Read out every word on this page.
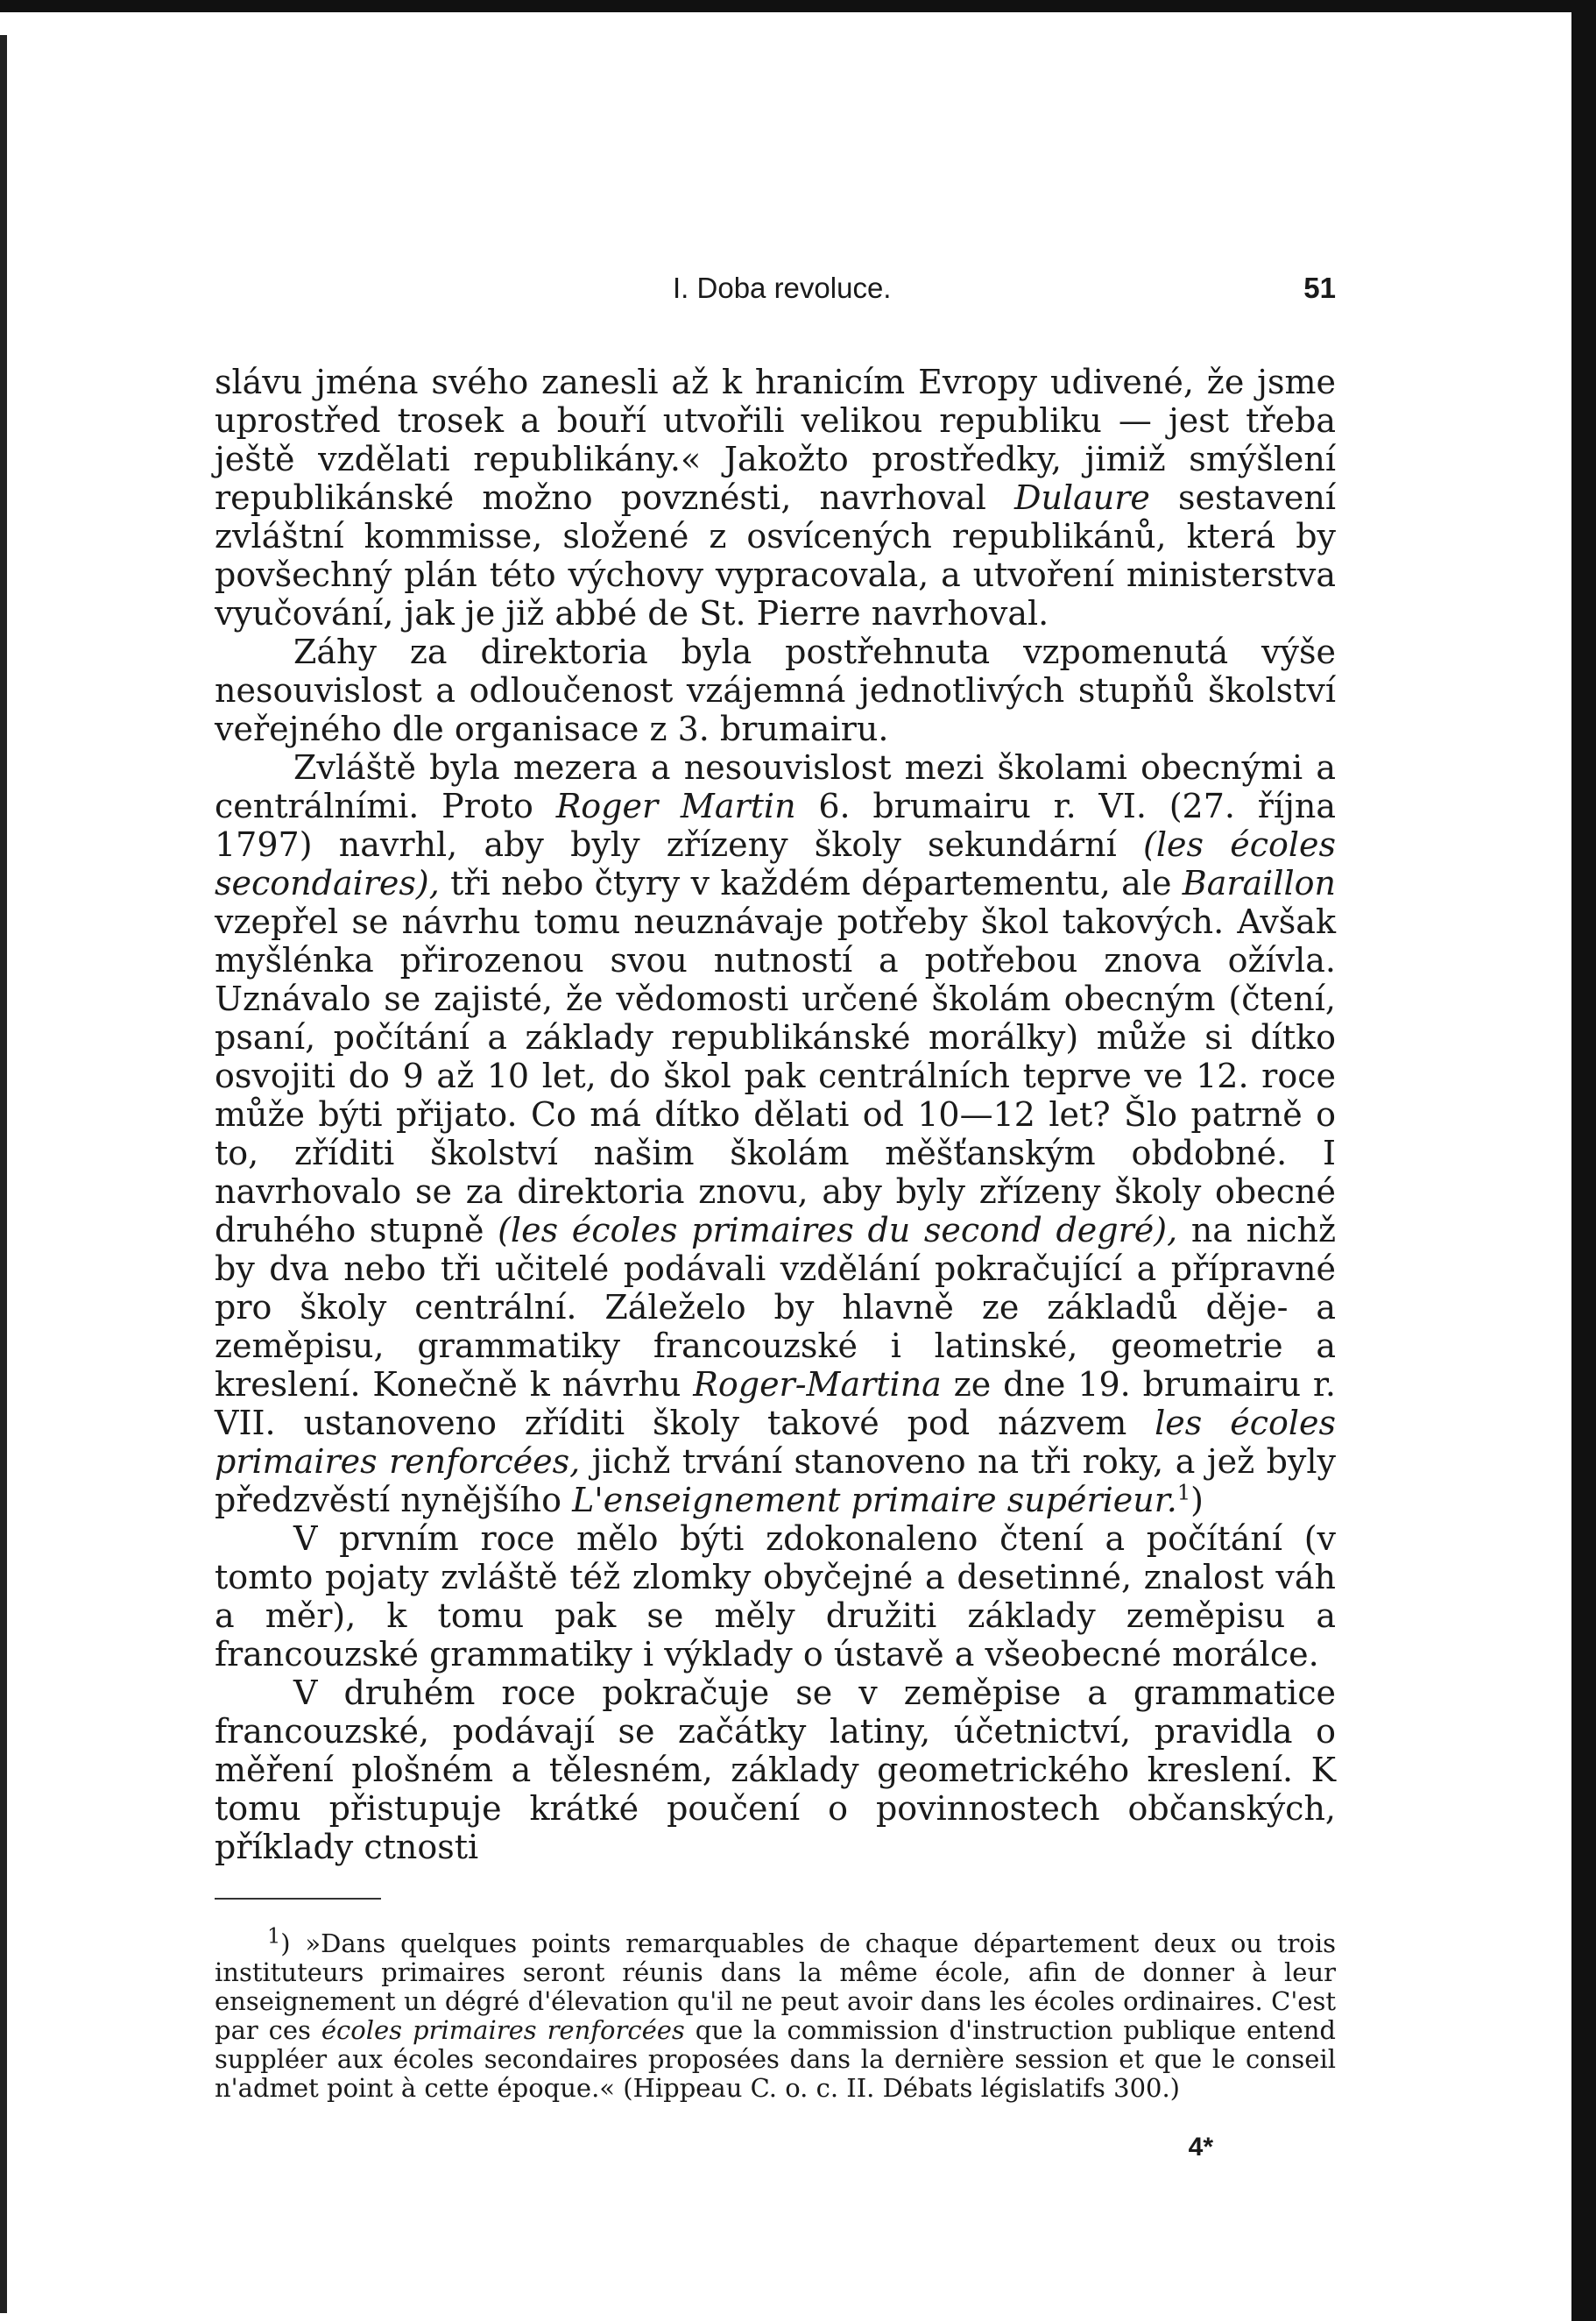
I. Doba revoluce.	51

slávu jména svého zanesli až k hranicím Evropy udivené, že jsme uprostřed trosek a bouří utvořili velikou republiku — jest třeba ještě vzdělati republikány.« Jakožto prostředky, jimiž smýšlení republikánské možno povznésti, navrhoval Dulaure sestavení zvláštní kommisse, složené z osvícených republikánů, která by povšechný plán této výchovy vypracovala, a utvoření ministerstva vyučování, jak je již abbé de St. Pierre navrhoval.

Záhy za direktoria byla postřehnuta vzpomenutá výše nesouvislost a odloučenost vzájemná jednotlivých stupňů školství veřejného dle organisace z 3. brumairu.

Zvláště byla mezera a nesouvislost mezi školami obecnými a centrálními. Proto Roger Martin 6. brumairu r. VI. (27. října 1797) navrhl, aby byly zřízeny školy sekundární (les écoles secondaires), tři nebo čtyry v každém départementu, ale Baraillon vzepřel se návrhu tomu neuznávaje potřeby škol takových. Avšak myšlénka přirozenou svou nutností a potřebou znova ožívla. Uznávalo se zajisté, že vědomosti určené školám obecným (čtení, psaní, počítání a základy republikánské morálky) může si dítko osvojiti do 9 až 10 let, do škol pak centrálních teprve ve 12. roce může býti přijato. Co má dítko dělati od 10—12 let? Šlo patrně o to, zříditi školství našim školám měšťanským obdobné. I navrhovalo se za direktoria znovu, aby byly zřízeny školy obecné druhého stupně (les écoles primaires du second degré), na nichž by dva nebo tři učitelé podávali vzdělání pokračující a přípravné pro školy centrální. Záleželo by hlavně ze základů děje- a zeměpisu, grammatiky francouzské i latinské, geometrie a kreslení. Konečně k návrhu Roger-Martina ze dne 19. brumairu r. VII. ustanoveno zříditi školy takové pod názvem les écoles primaires renforcées, jichž trvání stanoveno na tři roky, a jež byly předzvěstí nynějšího L'enseignement primaire supérieur.$^1$)

V prvním roce mělo býti zdokonaleno čtení a počítání (v tomto pojaty zvláště též zlomky obyčejné a desetinné, znalost váh a měr), k tomu pak se měly družiti základy zeměpisu a francouzské grammatiky i výklady o ústavě a všeobecné morálce.

V druhém roce pokračuje se v zeměpise a grammatice francouzské, podávají se začátky latiny, účetnictví, pravidla o měření plošném a tělesném, základy geometrického kreslení. K tomu přistupuje krátké poučení o povinnostech občanských, příklady ctnosti

$^1$) »Dans quelques points remarquables de chaque département deux ou trois instituteurs primaires seront réunis dans la même école, afin de donner à leur enseignement un dégré d'élevation qu'il ne peut avoir dans les écoles ordinaires. C'est par ces écoles primaires renforcées que la commission d'instruction publique entend suppléer aux écoles secondaires proposées dans la dernière session et que le conseil n'admet point à cette époque.« (Hippeau C. o. c. II. Débats législatifs 300.)
4*
